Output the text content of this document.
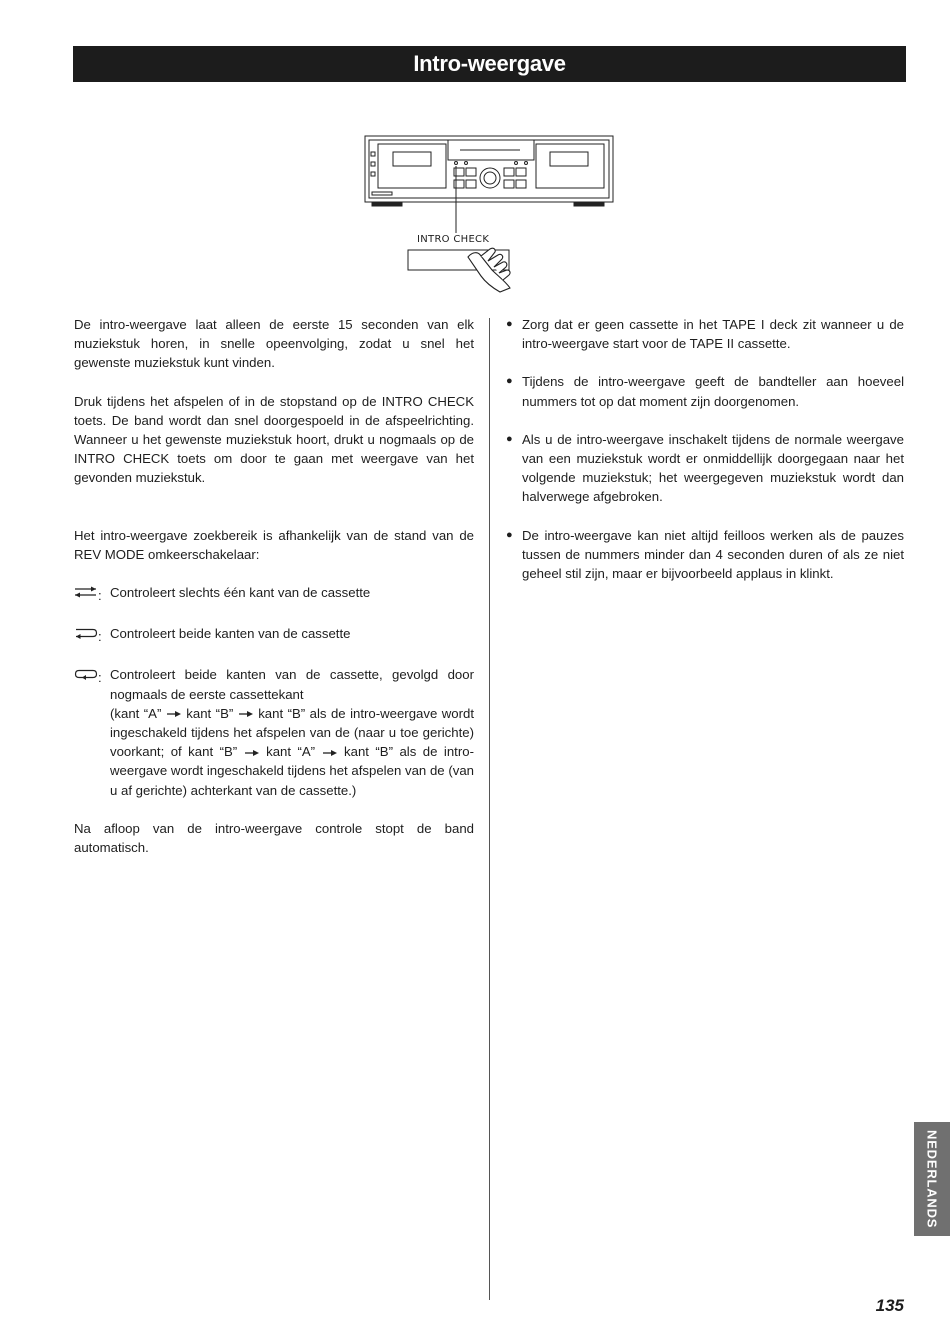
Intro-weergave
INTRO CHECK

De intro-weergave laat alleen de eerste 15 seconden van elk muziekstuk horen, in snelle opeenvolging, zodat u snel het gewenste muziekstuk kunt vinden.

Druk tijdens het afspelen of in de stopstand op de INTRO CHECK toets. De band wordt dan snel doorgespoeld in de afspeelrichting. Wanneer u het gewenste muziekstuk hoort, drukt u nogmaals op de INTRO CHECK toets om door te gaan met weergave van het gevonden muziekstuk.

Het intro-weergave zoekbereik is afhankelijk van de stand van de REV MODE omkeerschakelaar:

: Controleert slechts één kant van de cassette
: Controleert beide kanten van de cassette
: Controleert beide kanten van de cassette, gevolgd door nogmaals de eerste cassettekant
(kant “A” kant “B” kant “B” als de intro-weergave wordt ingeschakeld tijdens het afspelen van de (naar u toe gerichte) voorkant; of kant “B” kant “A” kant “B” als de intro-weergave wordt ingeschakeld tijdens het afspelen van de (van u af gerichte) achterkant van de cassette.)

Na afloop van de intro-weergave controle stopt de band automatisch.

● Zorg dat er geen cassette in het TAPE I deck zit wanneer u de intro-weergave start voor de TAPE II cassette.
● Tijdens de intro-weergave geeft de bandteller aan hoeveel nummers tot op dat moment zijn doorgenomen.
● Als u de intro-weergave inschakelt tijdens de normale weergave van een muziekstuk wordt er onmiddellijk doorgegaan naar het volgende muziekstuk; het weergegeven muziekstuk wordt dan halverwege afgebroken.
● De intro-weergave kan niet altijd feilloos werken als de pauzes tussen de nummers minder dan 4 seconden duren of als ze niet geheel stil zijn, maar er bijvoorbeeld applaus in klinkt.
NEDERLANDS
135
